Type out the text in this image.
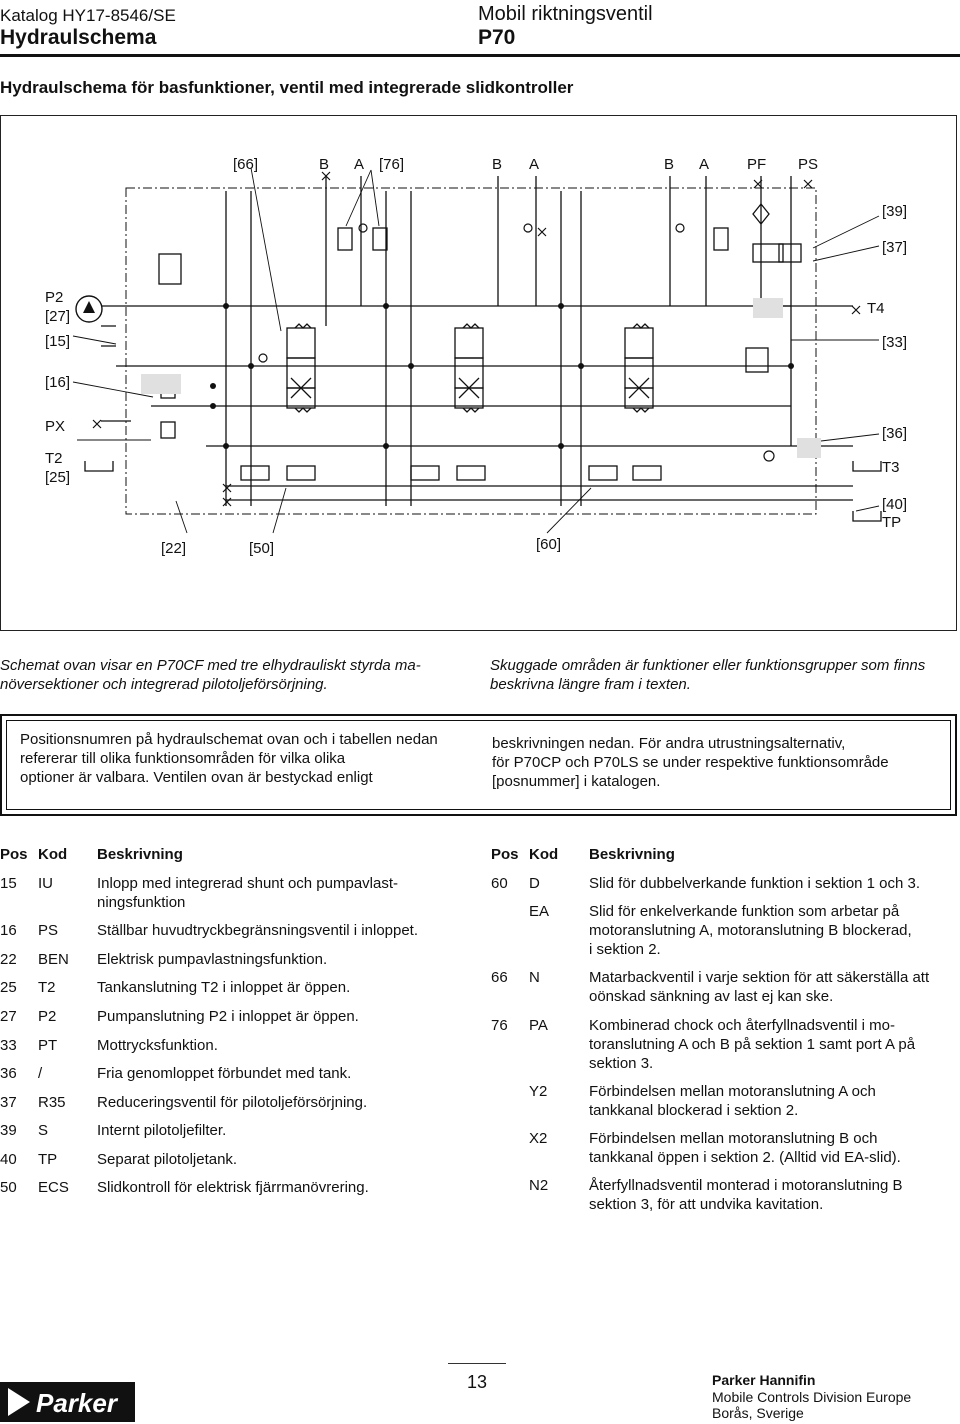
Katalog HY17-8546/SE
Hydraulschema
Mobil riktningsventil
P70
Hydraulschema för basfunktioner, ventil med integrerade slidkontroller
[66]	B A [76]	B A	B A	PF PS
P2
[27]
[15]
[16]
PX
T2
[25]
[39]
[37]
T4
[33]
[36]
T3
[40]
TP
[22]	[50]	[60]
Schemat ovan visar en P70CF med tre elhydrauliskt styrda ma-
növersektioner och integrerad pilotoljeförsörjning.
Skuggade områden är funktioner eller funktionsgrupper som finns
beskrivna längre fram i texten.
Positionsnumren på hydraulschemat ovan och i tabellen nedan
refererar till olika funktionsområden för vilka olika
optioner är valbara. Ventilen ovan är bestyckad enligt
beskrivningen nedan. För andra utrustningsalternativ,
för P70CP och P70LS se under respektive funktionsområde
[posnummer] i katalogen.
Pos Kod Beskrivning
15 IU	Inlopp med integrerad shunt och pumpavlast-
ningsfunktion
16 PS	Ställbar huvudtryckbegränsningsventil i inloppet.
22 BEN Elektrisk pumpavlastningsfunktion.
25 T2	Tankanslutning T2 i inloppet är öppen.
27 P2	Pumpanslutning P2 i inloppet är öppen.
33 PT	Mottrycksfunktion.
36 /	Fria genomloppet förbundet med tank.
37 R35 Reduceringsventil för pilotoljeförsörjning.
39 S	Internt pilotoljefilter.
40 TP	Separat pilotoljetank.
50 ECS Slidkontroll för elektrisk fjärrmanövrering.
Pos Kod Beskrivning
60 D	Slid för dubbelverkande funktion i sektion 1 och 3.
EA	Slid för enkelverkande funktion som arbetar på
motoranslutning A, motoranslutning B blockerad,
i sektion 2.
66 N	Matarbackventil i varje sektion för att säkerställa att
oönskad sänkning av last ej kan ske.
76 PA	Kombinerad chock och återfyllnadsventil i mo-
toranslutning A och B på sektion 1 samt port A på
sektion 3.
Y2	Förbindelsen mellan motoranslutning A och
tankkanal blockerad i sektion 2.
X2	Förbindelsen mellan motoranslutning B och
tankkanal öppen i sektion 2. (Alltid vid EA-slid).
N2	Återfyllnadsventil monterad i motoranslutning B
sektion 3, för att undvika kavitation.
Parker
13	Parker Hannifin
Mobile Controls Division Europe
Borås, Sverige
